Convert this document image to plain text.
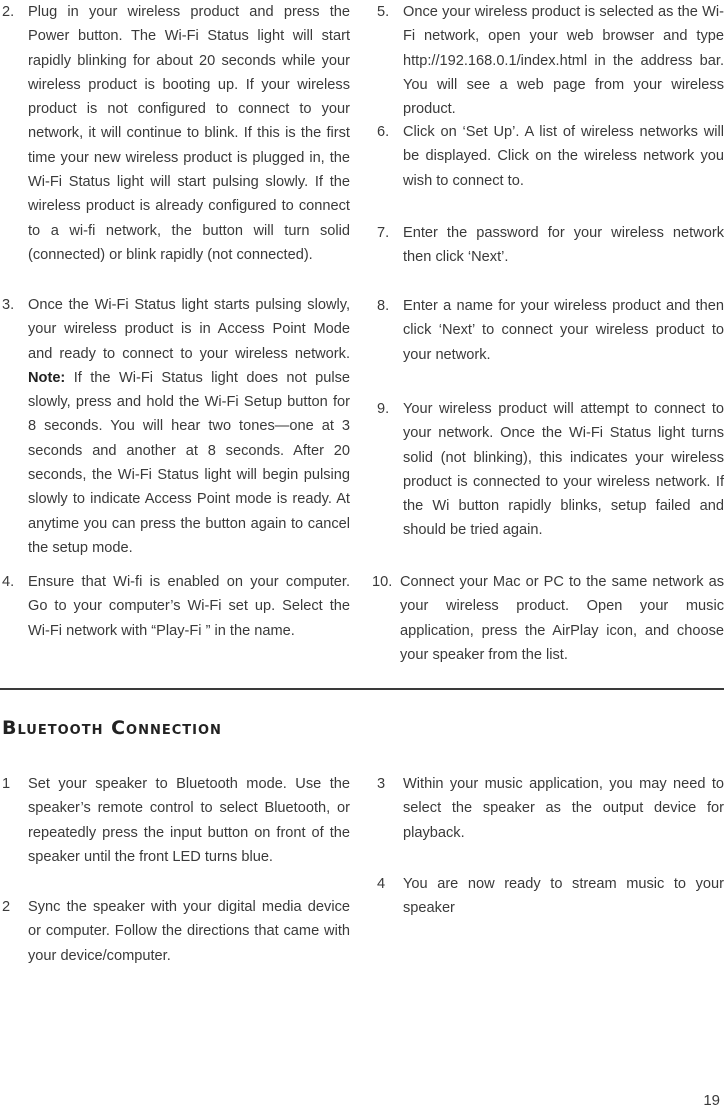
2. Plug in your wireless product and press the Power button. The Wi-Fi Status light will start rapidly blinking for about 20 seconds while your wireless product is booting up. If your wireless product is not configured to connect to your network, it will continue to blink. If this is the first time your new wireless product is plugged in, the Wi-Fi Status light will start pulsing slowly. If the wireless product is already configured to connect to a wi-fi network, the button will turn solid (connected) or blink rapidly (not connected).
3. Once the Wi-Fi Status light starts pulsing slowly, your wireless product is in Access Point Mode and ready to connect to your wireless network. Note: If the Wi-Fi Status light does not pulse slowly, press and hold the Wi-Fi Setup button for 8 seconds. You will hear two tones—one at 3 seconds and another at 8 seconds. After 20 seconds, the Wi-Fi Status light will begin pulsing slowly to indicate Access Point mode is ready. At anytime you can press the button again to cancel the setup mode.
4. Ensure that Wi-fi is enabled on your computer. Go to your computer’s Wi-Fi set up. Select the Wi-Fi network with “Play-Fi ” in the name.
5. Once your wireless product is selected as the Wi-Fi network, open your web browser and type http://192.168.0.1/index.html in the address bar. You will see a web page from your wireless product.
6. Click on ‘Set Up’. A list of wireless networks will be displayed. Click on the wireless network you wish to connect to.
7. Enter the password for your wireless network then click ‘Next’.
8. Enter a name for your wireless product and then click ‘Next’ to connect your wireless product to your network.
9. Your wireless product will attempt to connect to your network. Once the Wi-Fi Status light turns solid (not blinking), this indicates your wireless product is connected to your wireless network. If the Wi button rapidly blinks, setup failed and should be tried again.
10. Connect your Mac or PC to the same network as your wireless product. Open your music application, press the AirPlay icon, and choose your speaker from the list.
Bluetooth Connection
1 Set your speaker to Bluetooth mode. Use the speaker’s remote control to select Bluetooth, or repeatedly press the input button on front of the speaker until the front LED turns blue.
2 Sync the speaker with your digital media device or computer. Follow the directions that came with your device/computer.
3 Within your music application, you may need to select the speaker as the output device for playback.
4 You are now ready to stream music to your speaker
19
